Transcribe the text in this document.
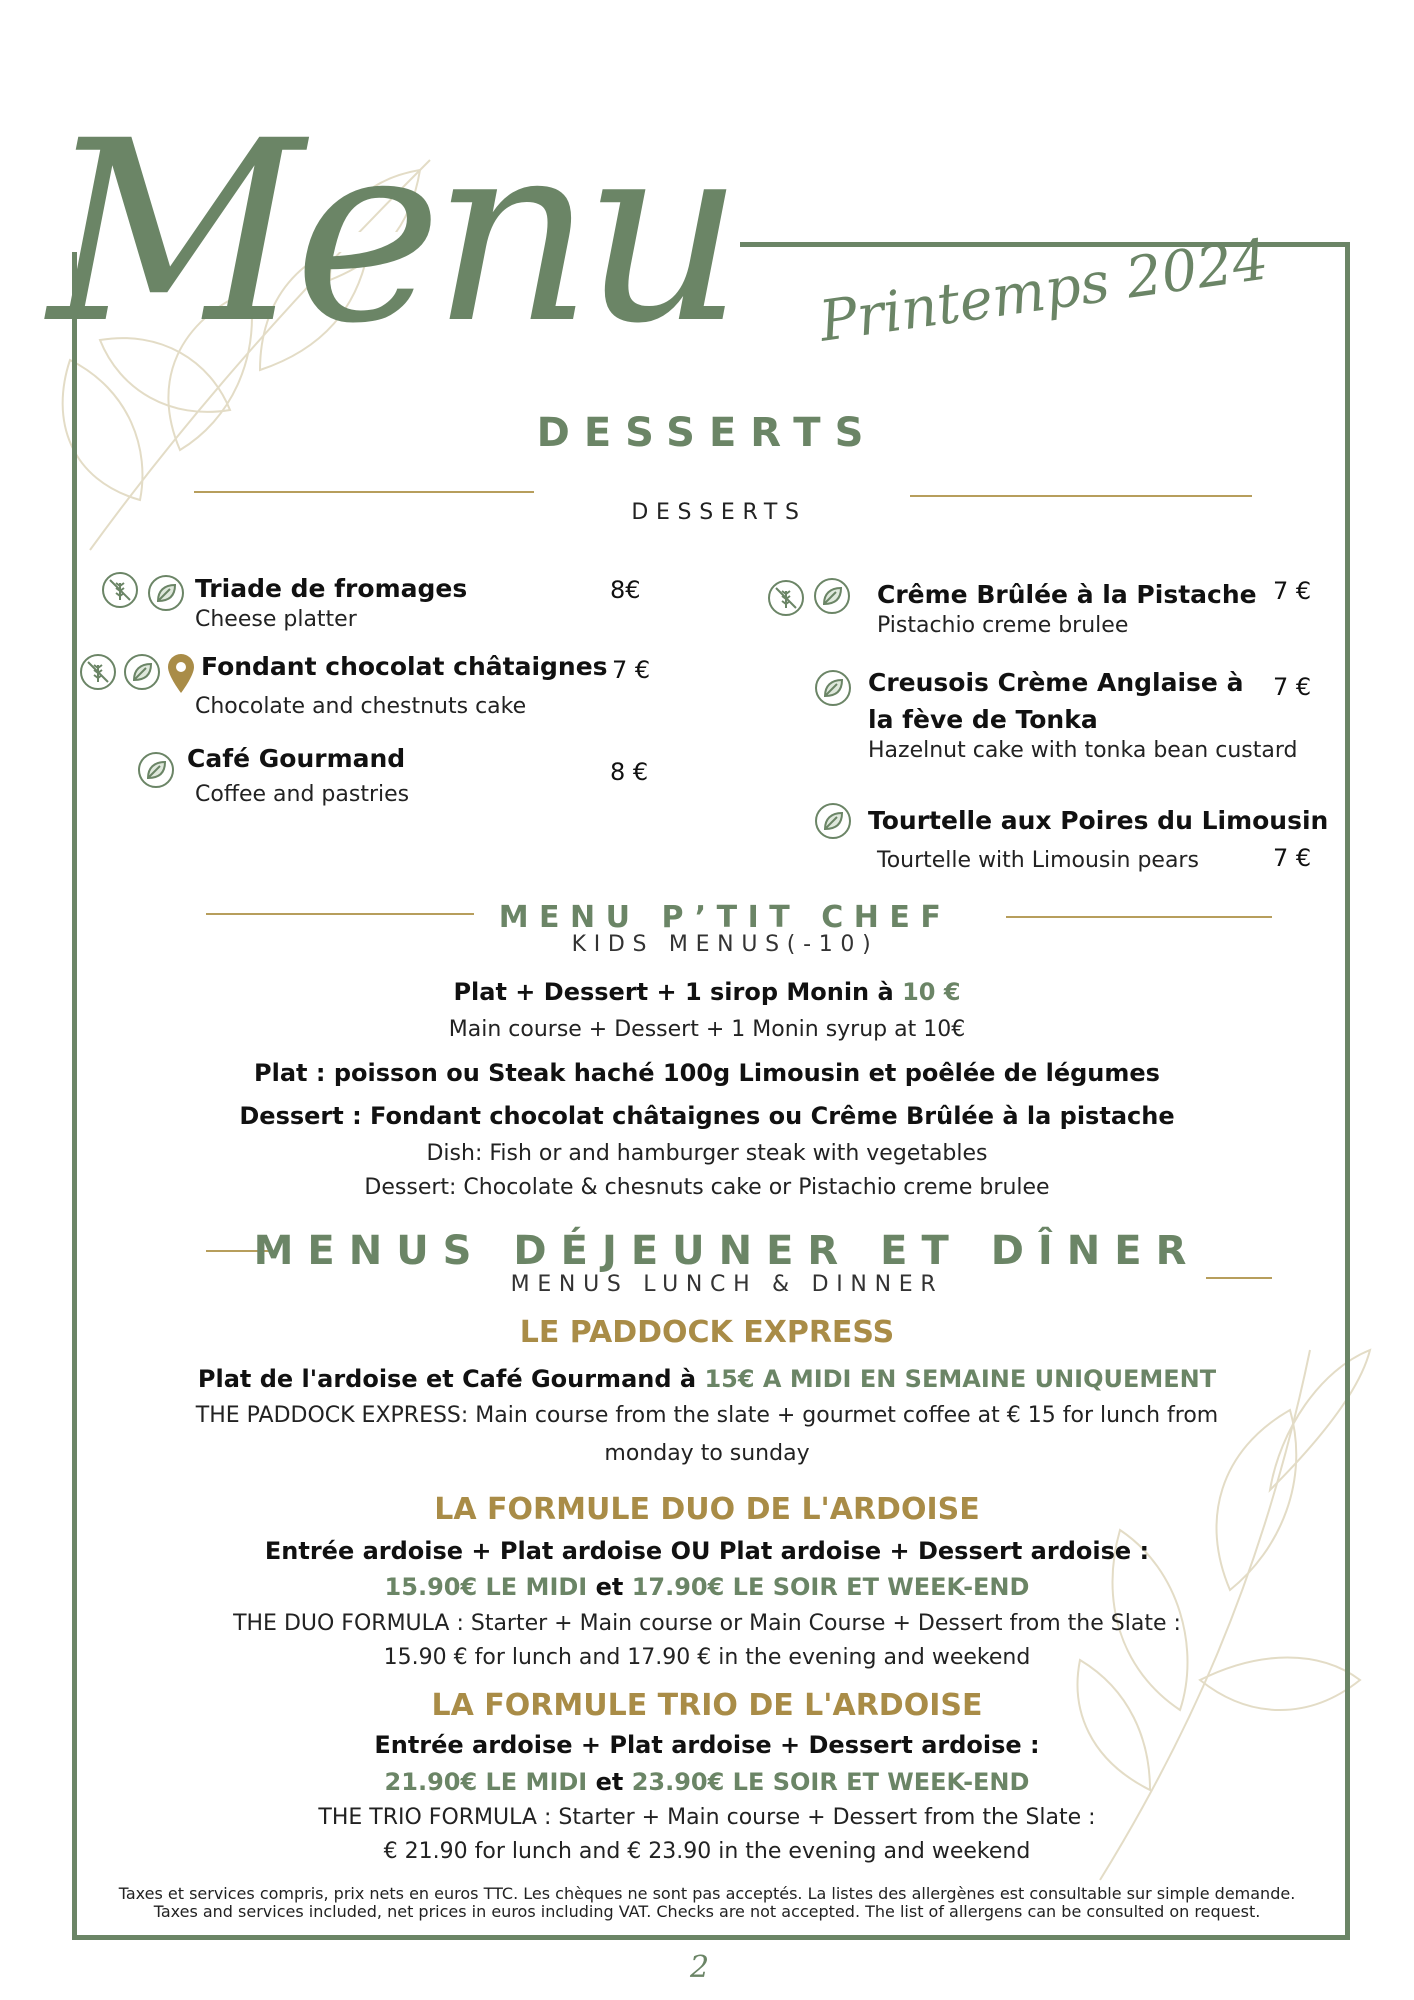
Menu Printemps 2024
DESSERTS
DESSERTS
Triade de fromages
Cheese platter
8€
Fondant chocolat châtaignes
Chocolate and chestnuts cake
7 €
Café Gourmand
Coffee and pastries
8 €
Crême Brûlée à la Pistache
Pistachio creme brulee
7 €
Creusois Crème Anglaise à
la fève de Tonka
Hazelnut cake with tonka bean custard
7 €
Tourtelle aux Poires du Limousin
Tourtelle with Limousin pears	7 €
MENU P’TIT CHEF
KIDS MENUS(-10)
Plat + Dessert + 1 sirop Monin à 10 €
Main course + Dessert + 1 Monin syrup at 10€
Plat : poisson ou Steak haché 100g Limousin et poêlée de légumes
Dessert : Fondant chocolat châtaignes ou Crême Brûlée à la pistache
Dish: Fish or and hamburger steak with vegetables
Dessert: Chocolate & chesnuts cake or Pistachio creme brulee
MENUS DÉJEUNER ET DÎNER
MENUS LUNCH & DINNER
LE PADDOCK EXPRESS
Plat de l'ardoise et Café Gourmand à 15€ A MIDI EN SEMAINE UNIQUEMENT
THE PADDOCK EXPRESS: Main course from the slate + gourmet coffee at € 15 for lunch from
monday to sunday
LA FORMULE DUO DE L'ARDOISE
Entrée ardoise + Plat ardoise OU Plat ardoise + Dessert ardoise :
15.90€ LE MIDI et 17.90€ LE SOIR ET WEEK-END
THE DUO FORMULA : Starter + Main course or Main Course + Dessert from the Slate :
15.90 € for lunch and 17.90 € in the evening and weekend
LA FORMULE TRIO DE L'ARDOISE
Entrée ardoise + Plat ardoise + Dessert ardoise :
21.90€ LE MIDI et 23.90€ LE SOIR ET WEEK-END
THE TRIO FORMULA : Starter + Main course + Dessert from the Slate :
€ 21.90 for lunch and € 23.90 in the evening and weekend
Taxes et services compris, prix nets en euros TTC. Les chèques ne sont pas acceptés. La listes des allergènes est consultable sur simple demande.
Taxes and services included, net prices in euros including VAT. Checks are not accepted. The list of allergens can be consulted on request.
2
